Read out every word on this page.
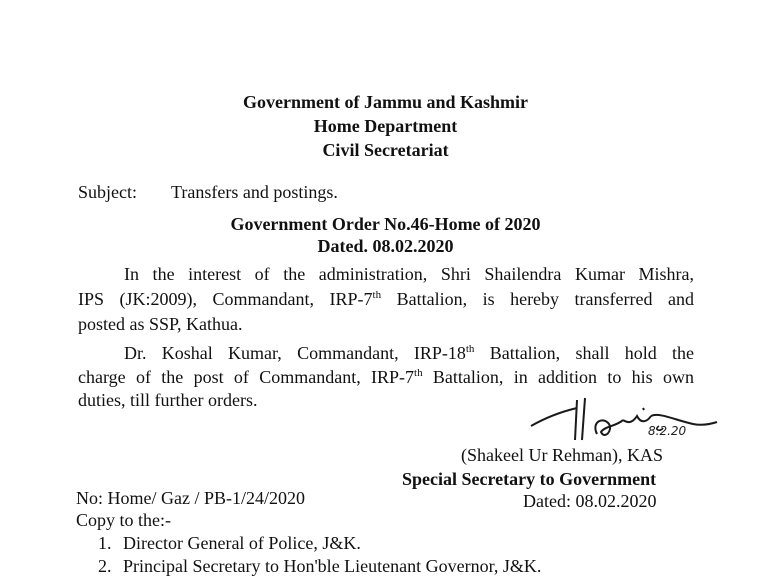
Government of Jammu and Kashmir
Home Department
Civil Secretariat
Subject: Transfers and postings.
Government Order No.46-Home of 2020
Dated. 08.02.2020
In the interest of the administration, Shri Shailendra Kumar Mishra,
IPS (JK:2009), Commandant, IRP-7th Battalion, is hereby transferred and
posted as SSP, Kathua.
Dr. Koshal Kumar, Commandant, IRP-18th Battalion, shall hold the
charge of the post of Commandant, IRP-7th Battalion, in addition to his own
duties, till further orders.
8.2.20
(Shakeel Ur Rehman), KAS
Special Secretary to Government
No: Home/ Gaz / PB-1/24/2020	Dated: 08.02.2020
Copy to the:-
1. Director General of Police, J&K.
2. Principal Secretary to Hon'ble Lieutenant Governor, J&K.
